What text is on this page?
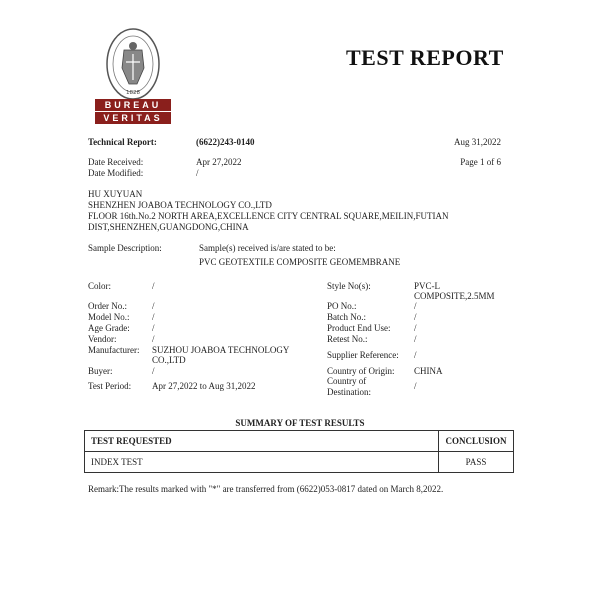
1828
BUREAU
VERITAS
TEST REPORT
Technical Report:	(6622)243-0140	Aug 31,2022
Date Received:	Apr 27,2022	Page 1 of 6
Date Modified:	/
HU XUYUAN
SHENZHEN JOABOA TECHNOLOGY CO.,LTD
FLOOR 16th.No.2 NORTH AREA,EXCELLENCE CITY CENTRAL SQUARE,MEILIN,FUTIAN
DIST,SHENZHEN,GUANGDONG,CHINA
Sample Description:	Sample(s) received is/are stated to be:
PVC GEOTEXTILE COMPOSITE GEOMEMBRANE
Color:	/
Order No.:	/
Model No.:	/
Age Grade: /
Vendor:	/
Manufacturer: SUZHOU JOABOA TECHNOLOGY
CO.,LTD
Buyer:	/
Test Period: Apr 27,2022 to Aug 31,2022
Style No(s):	PVC-L
COMPOSITE,2.5MM
PO No.:	/
Batch No.:	/
Product End Use:	/
Retest No.:	/
Supplier Reference: /
Country of Origin: CHINA
Country of
Destination:
/
SUMMARY OF TEST RESULTS
TEST REQUESTED	CONCLUSION
INDEX TEST	PASS
Remark:The results marked with "*" are transferred from (6622)053-0817 dated on March 8,2022.
